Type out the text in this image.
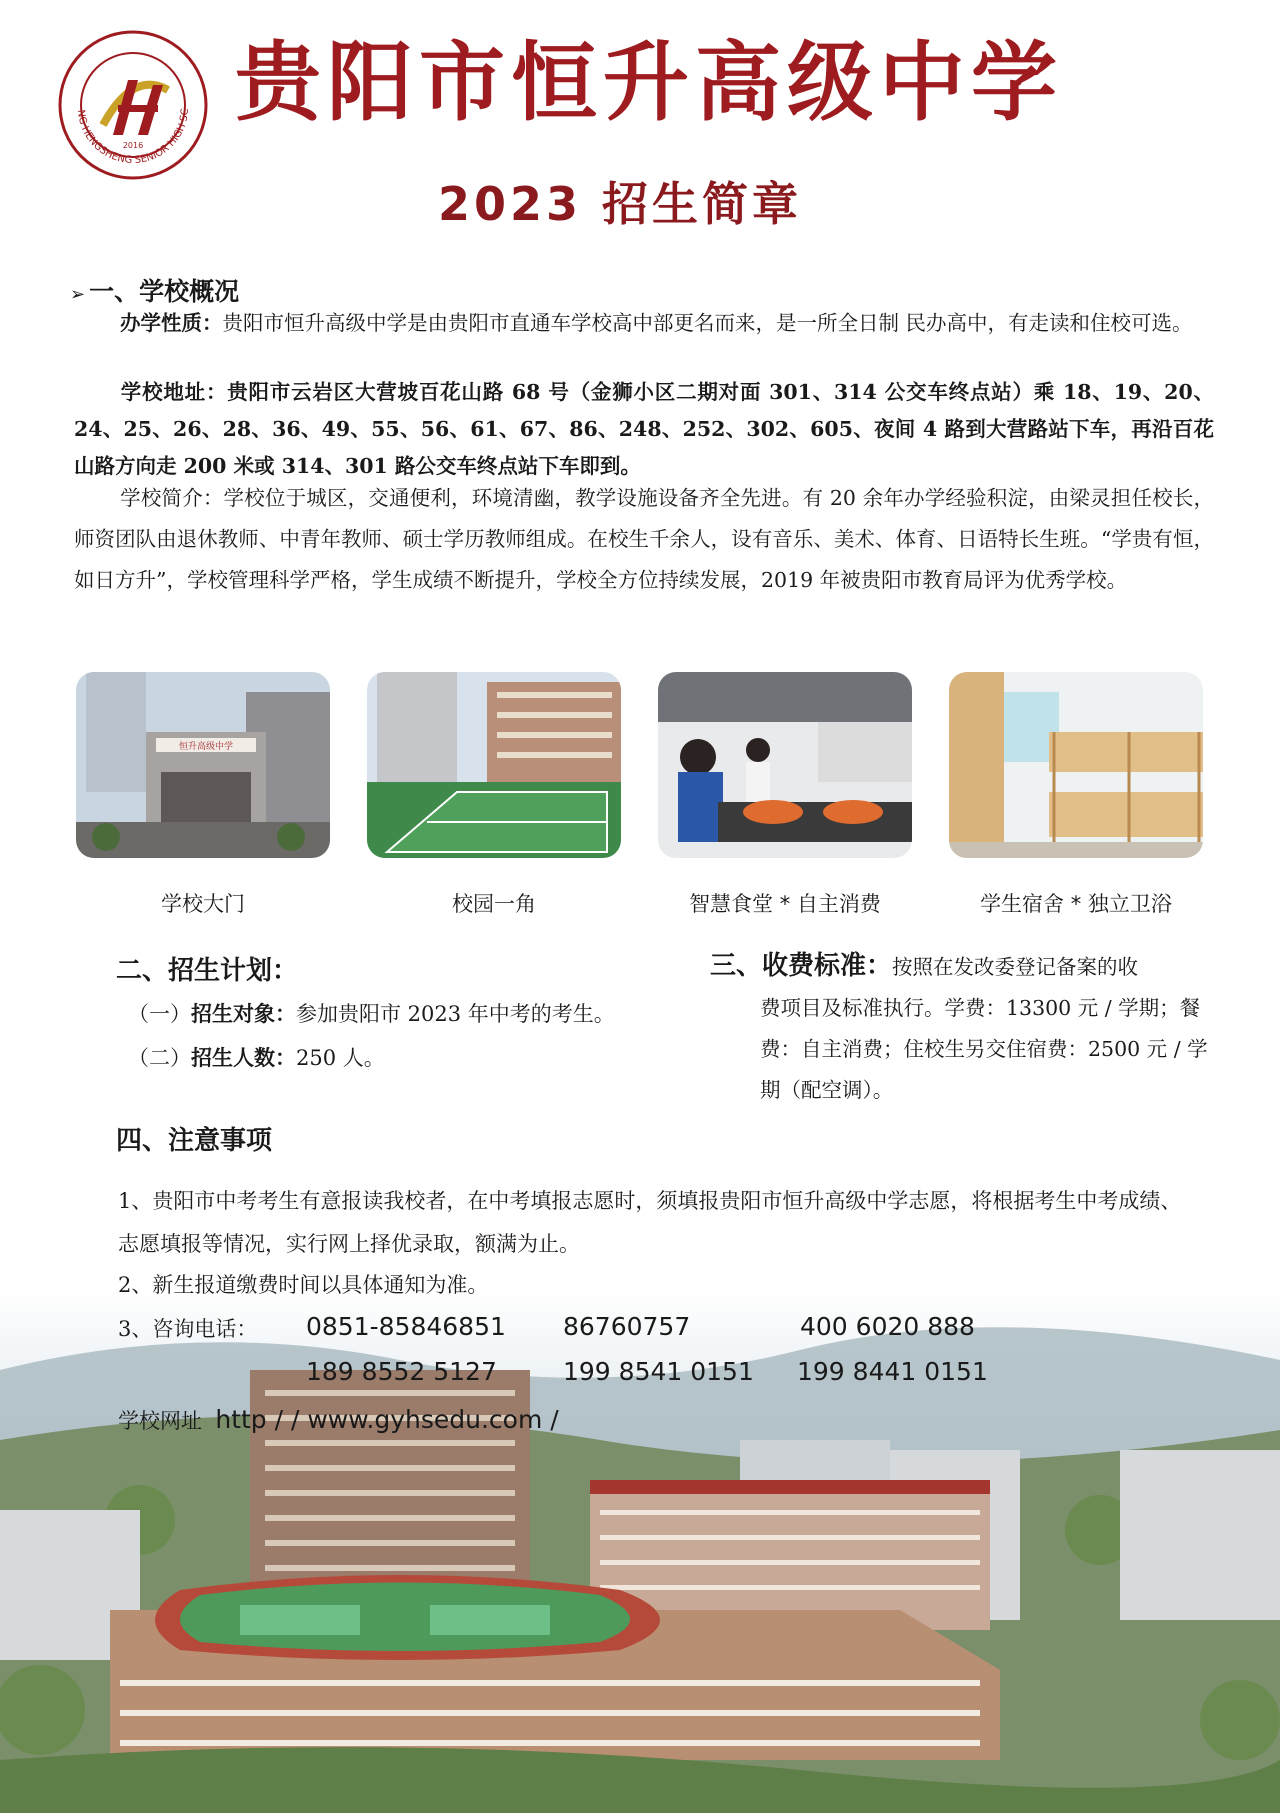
2016
NG HENGSHENG SENIOR HIGH SC 贵阳市恒升高级中学
2023 招生简章
➢ 一、学校概况
办学性质：贵阳市恒升高级中学是由贵阳市直通车学校高中部更名而来，是一所全日制 民办高中，有走读和住校可选。
学校地址：贵阳市云岩区大营坡百花山路 68 号（金狮小区二期对面 301、314 公交车终点站）乘 18、19、20、24、25、26、28、36、49、55、56、61、67、86、248、252、302、605、夜间 4 路到大营路站下车，再沿百花山路方向走 200 米或 314、301 路公交车终点站下车即到。
学校简介：学校位于城区，交通便利，环境清幽，教学设施设备齐全先进。有 20 余年办学经验积淀，由梁灵担任校长，师资团队由退休教师、中青年教师、硕士学历教师组成。在校生千余人，设有音乐、美术、体育、日语特长生班。“学贵有恒，如日方升”，学校管理科学严格，学生成绩不断提升，学校全方位持续发展，2019 年被贵阳市教育局评为优秀学校。
恒升高级中学
学校大门	校园一角	智慧食堂 * 自主消费	学生宿舍 * 独立卫浴
二、招生计划：
（一）招生对象：参加贵阳市 2023 年中考的考生。
（二）招生人数：250 人。
三、收费标准：按照在发改委登记备案的收
费项目及标准执行。学费：13300 元 / 学期；餐费：自主消费；住校生另交住宿费：2500 元 / 学期（配空调）。
四、注意事项
1、贵阳市中考考生有意报读我校者，在中考填报志愿时，须填报贵阳市恒升高级中学志愿，将根据考生中考成绩、志愿填报等情况，实行网上择优录取，额满为止。
2、新生报道缴费时间以具体通知为准。
3、咨询电话：	0851-85846851 86760757	400 6020 888
189 8552 5127	199 8541 0151 199 8441 0151
学校网址 http / / www.gyhsedu.com /
